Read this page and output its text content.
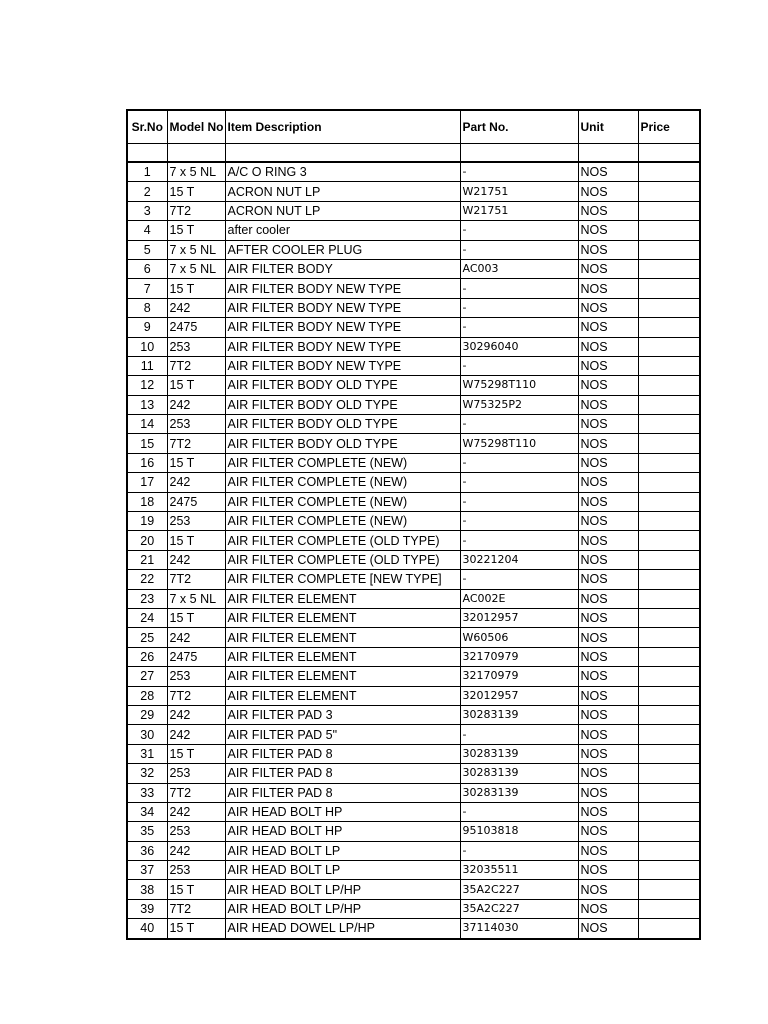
Sr.No	Model No	Item Description	Part No.	Unit	Price

1	7 x 5 NL	A/C O RING 3	-	NOS	
2	15 T	ACRON NUT LP	W21751	NOS	
3	7T2	ACRON NUT LP	W21751	NOS	
4	15 T	after cooler	-	NOS	
5	7 x 5 NL	AFTER COOLER PLUG	-	NOS	
6	7 x 5 NL	AIR FILTER BODY	AC003	NOS	
7	15 T	AIR FILTER BODY NEW TYPE	-	NOS	
8	242	AIR FILTER BODY NEW TYPE	-	NOS	
9	2475	AIR FILTER BODY NEW TYPE	-	NOS	
10	253	AIR FILTER BODY NEW TYPE	30296040	NOS	
11	7T2	AIR FILTER BODY NEW TYPE	-	NOS	
12	15 T	AIR FILTER BODY OLD TYPE	W75298T110	NOS	
13	242	AIR FILTER BODY OLD TYPE	W75325P2	NOS	
14	253	AIR FILTER BODY OLD TYPE	-	NOS	
15	7T2	AIR FILTER BODY OLD TYPE	W75298T110	NOS	
16	15 T	AIR FILTER COMPLETE (NEW)	-	NOS	
17	242	AIR FILTER COMPLETE (NEW)	-	NOS	
18	2475	AIR FILTER COMPLETE (NEW)	-	NOS	
19	253	AIR FILTER COMPLETE (NEW)	-	NOS	
20	15 T	AIR FILTER COMPLETE (OLD TYPE)	-	NOS	
21	242	AIR FILTER COMPLETE (OLD TYPE)	30221204	NOS	
22	7T2	AIR FILTER COMPLETE [NEW TYPE]	-	NOS	
23	7 x 5 NL	AIR FILTER ELEMENT	AC002E	NOS	
24	15 T	AIR FILTER ELEMENT	32012957	NOS	
25	242	AIR FILTER ELEMENT	W60506	NOS	
26	2475	AIR FILTER ELEMENT	32170979	NOS	
27	253	AIR FILTER ELEMENT	32170979	NOS	
28	7T2	AIR FILTER ELEMENT	32012957	NOS	
29	242	AIR FILTER PAD 3	30283139	NOS	
30	242	AIR FILTER PAD 5"	-	NOS	
31	15 T	AIR FILTER PAD 8	30283139	NOS	
32	253	AIR FILTER PAD 8	30283139	NOS	
33	7T2	AIR FILTER PAD 8	30283139	NOS	
34	242	AIR HEAD BOLT HP	-	NOS	
35	253	AIR HEAD BOLT HP	95103818	NOS	
36	242	AIR HEAD BOLT LP	-	NOS	
37	253	AIR HEAD BOLT LP	32035511	NOS	
38	15 T	AIR HEAD BOLT LP/HP	35A2C227	NOS	
39	7T2	AIR HEAD BOLT LP/HP	35A2C227	NOS	
40	15 T	AIR HEAD DOWEL LP/HP	37114030	NOS	
